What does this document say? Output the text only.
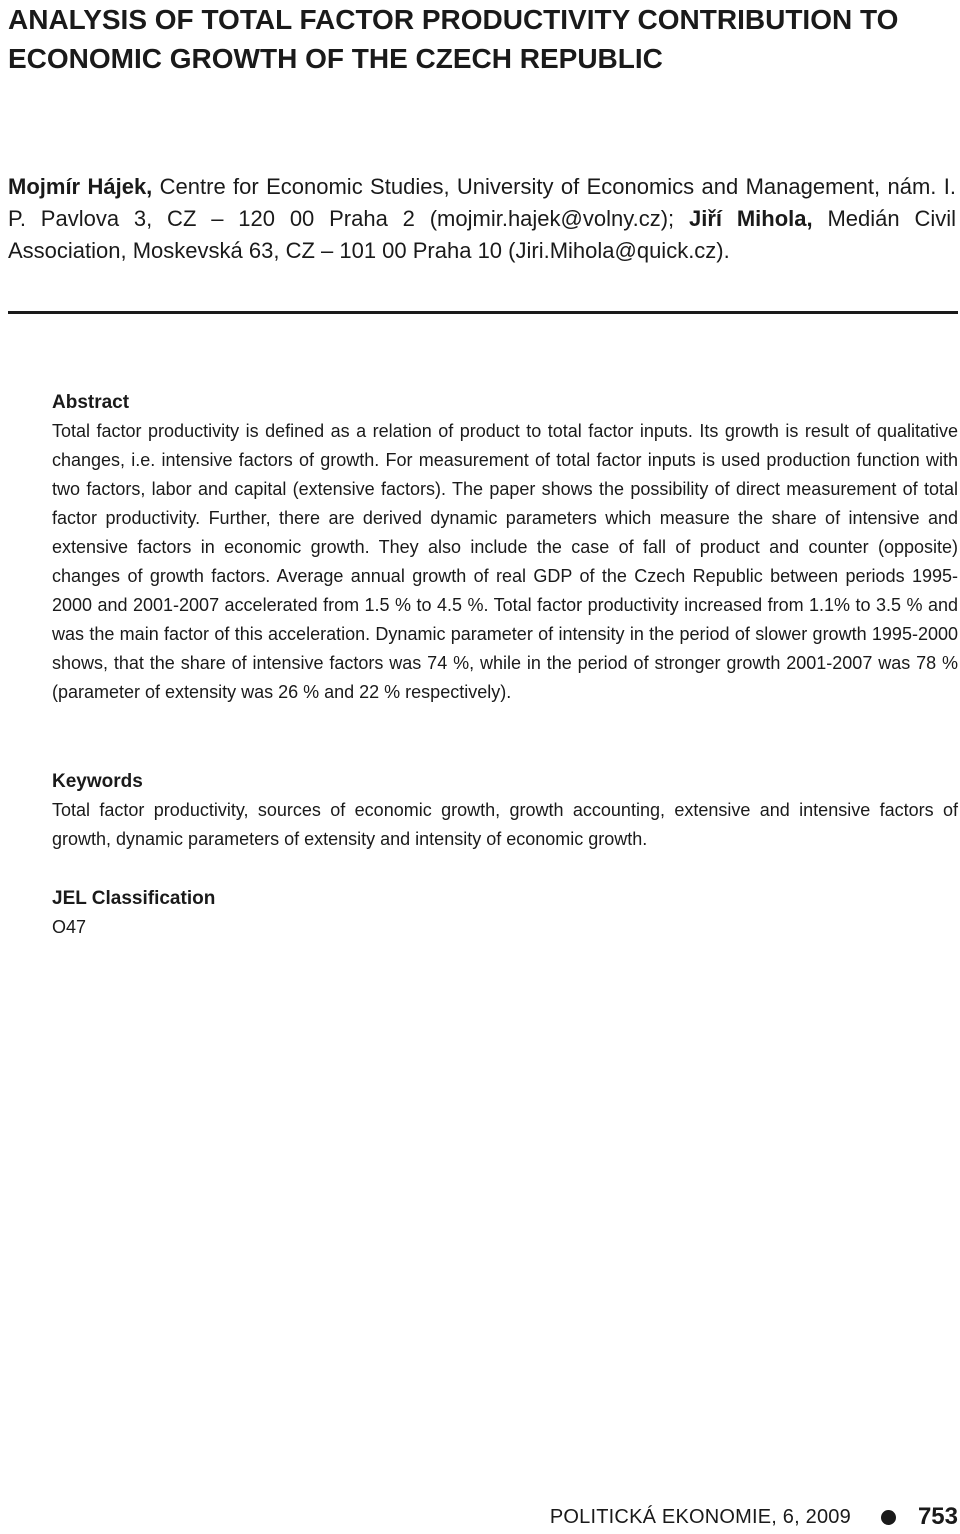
ANALYSIS OF TOTAL FACTOR PRODUCTIVITY CONTRIBUTION TO ECONOMIC GROWTH OF THE CZECH REPUBLIC

Mojmír Hájek, Centre for Economic Studies, University of Economics and Management, nám. I. P. Pavlova 3, CZ – 120 00 Praha 2 (mojmir.hajek@volny.cz); Jiří Mihola, Medián Civil Association, Moskevská 63, CZ – 101 00 Praha 10 (Jiri.Mihola@quick.cz).

Abstract

Total factor productivity is defined as a relation of product to total factor inputs. Its growth is result of qualitative changes, i.e. intensive factors of growth. For measurement of total factor inputs is used production function with two factors, labor and capital (extensive factors). The paper shows the possibility of direct measurement of total factor productivity. Further, there are derived dynamic parameters which measure the share of intensive and extensive factors in economic growth. They also include the case of fall of product and counter (opposite) changes of growth factors. Average annual growth of real GDP of the Czech Republic between periods 1995-2000 and 2001-2007 accelerated from 1.5 % to 4.5 %. Total factor productivity increased from 1.1% to 3.5 % and was the main factor of this acceleration. Dynamic parameter of intensity in the period of slower growth 1995-2000 shows, that the share of intensive factors was 74 %, while in the period of stronger growth 2001-2007 was 78 % (parameter of extensity was 26 % and 22 % respectively).

Keywords

Total factor productivity, sources of economic growth, growth accounting, extensive and intensive factors of growth, dynamic parameters of extensity and intensity of economic growth.

JEL Classification

O47

POLITICKÁ EKONOMIE, 6, 2009	753
